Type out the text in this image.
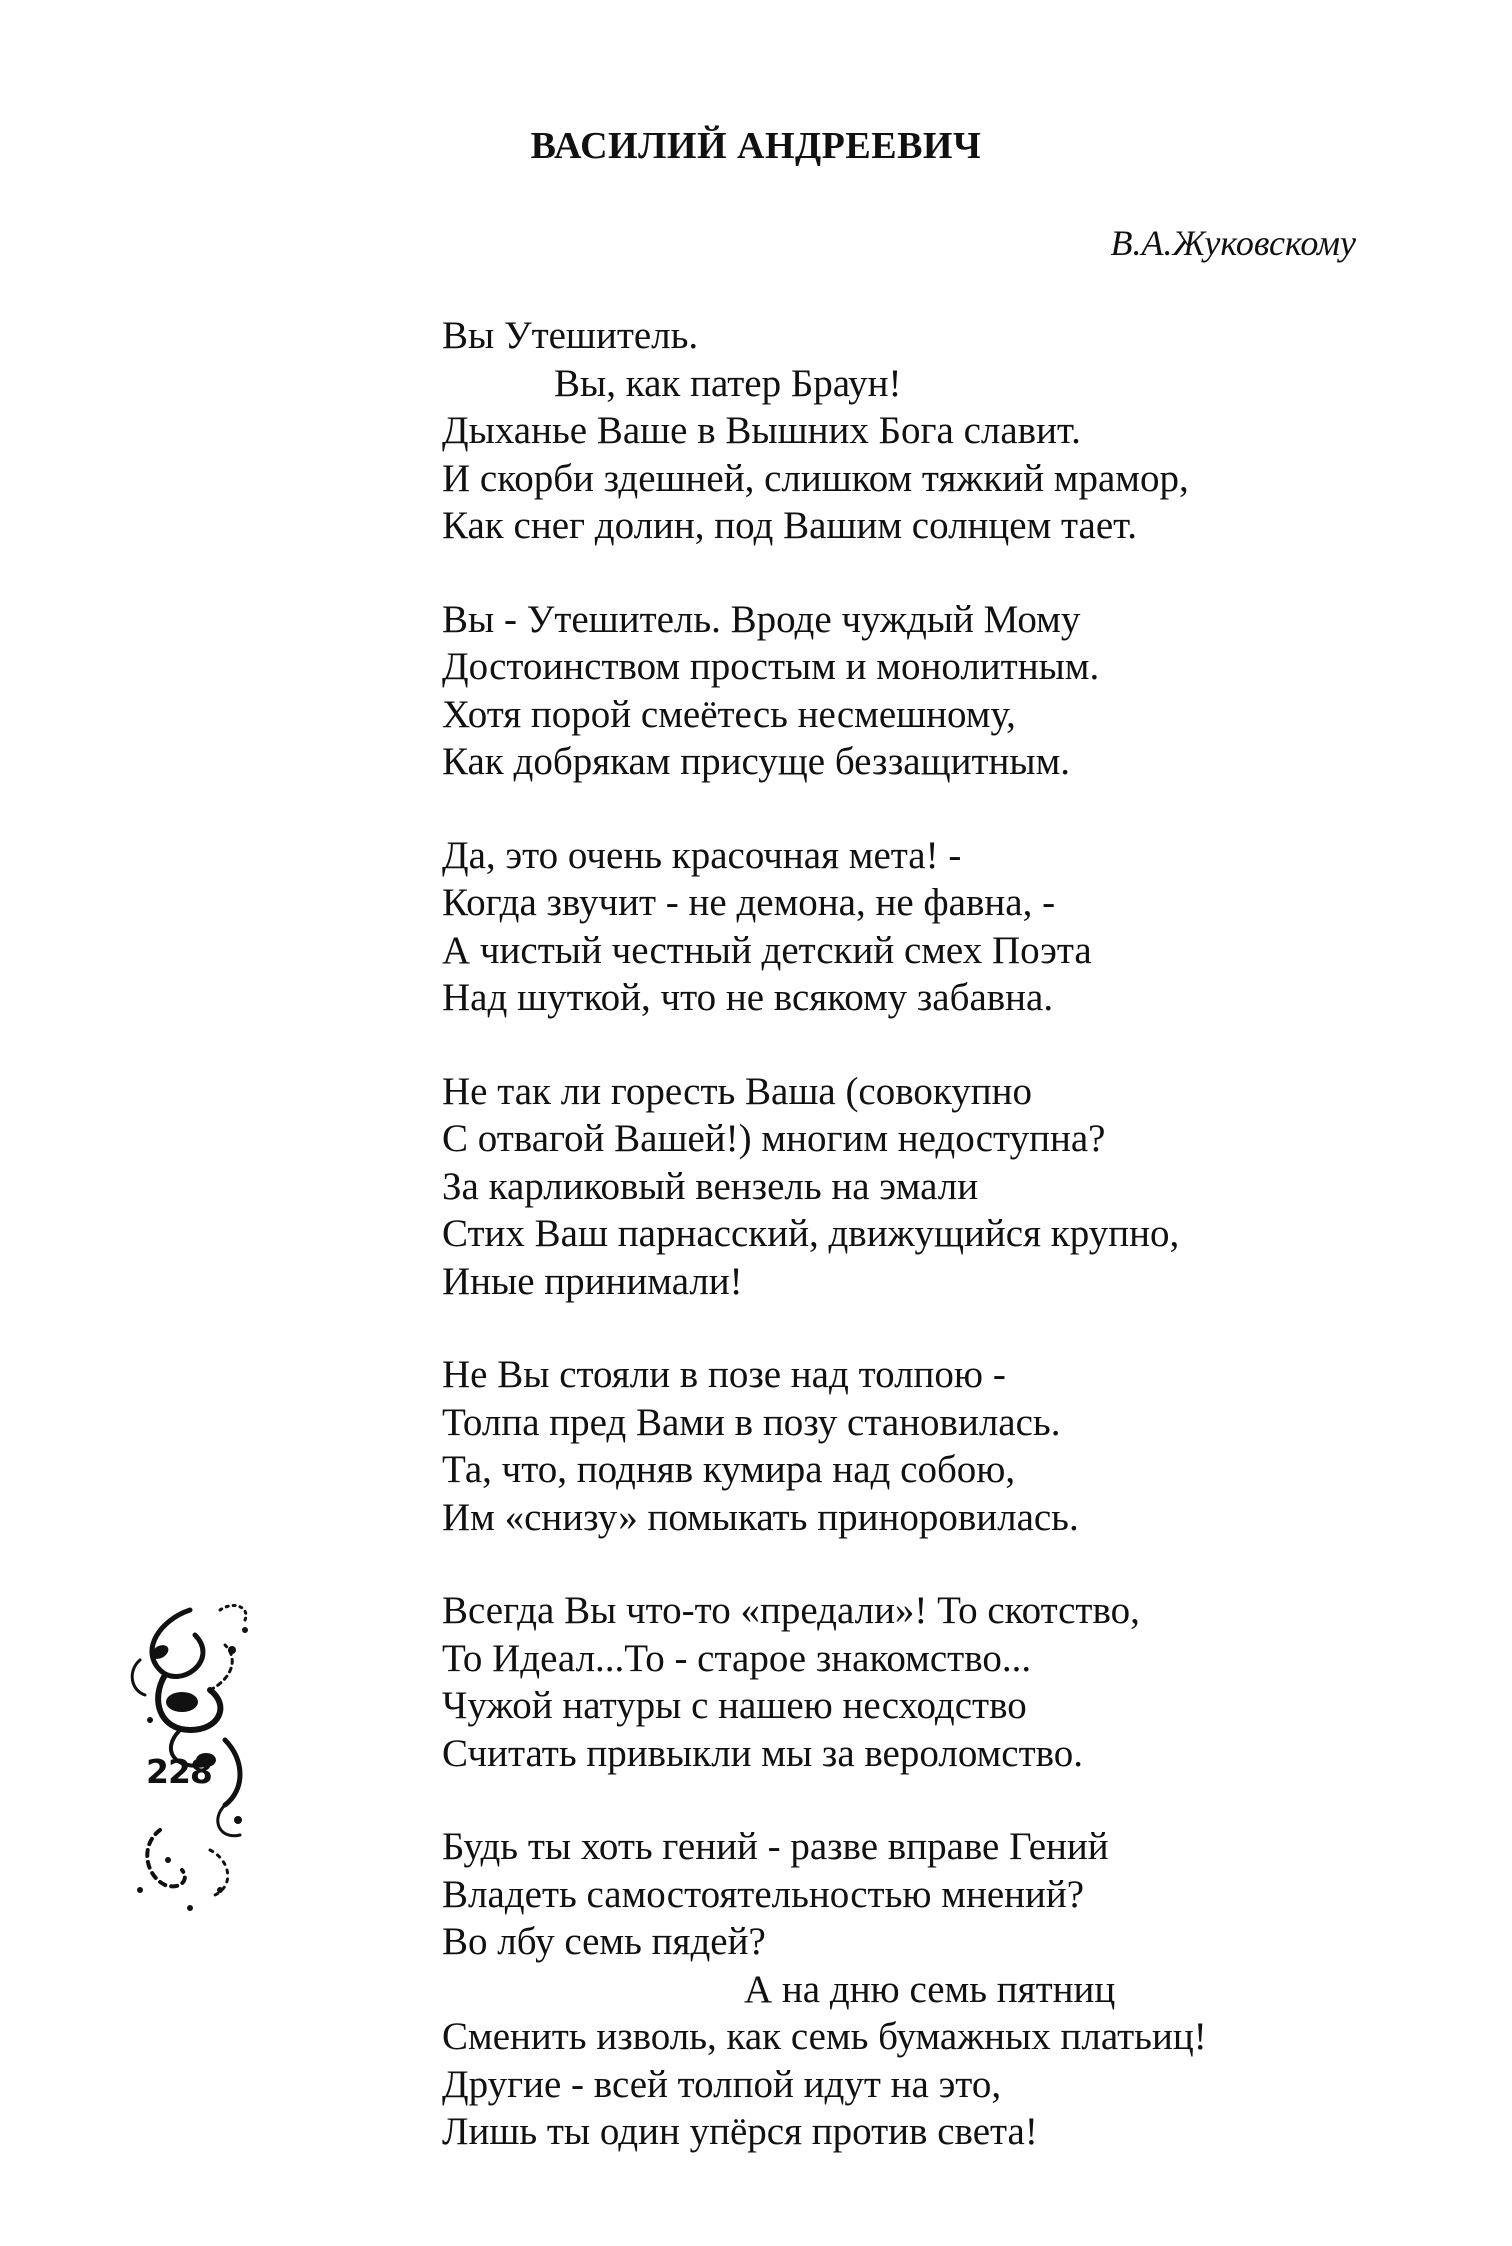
ВАСИЛИЙ АНДРЕЕВИЧ
В.А.Жуковскому
Вы Утешитель.
Вы, как патер Браун!
Дыханье Ваше в Вышних Бога славит.
И скорби здешней, слишком тяжкий мрамор,
Как снег долин, под Вашим солнцем тает.
Вы - Утешитель. Вроде чуждый Мому
Достоинством простым и монолитным.
Хотя порой смеётесь несмешному,
Как добрякам присуще беззащитным.
Да, это очень красочная мета! -
Когда звучит - не демона, не фавна, -
А чистый честный детский смех Поэта
Над шуткой, что не всякому забавна.
Не так ли горесть Ваша (совокупно
С отвагой Вашей!) многим недоступна?
За карликовый вензель на эмали
Стих Ваш парнасский, движущийся крупно,
Иные принимали!
Не Вы стояли в позе над толпою -
Толпа пред Вами в позу становилась.
Та, что, подняв кумира над собою,
Им «снизу» помыкать приноровилась.
Всегда Вы что-то «предали»! То скотство,
То Идеал...То - старое знакомство...
Чужой натуры с нашею несходство
Считать привыкли мы за вероломство.
Будь ты хоть гений - разве вправе Гений
Владеть самостоятельностью мнений?
Во лбу семь пядей?
А на дню семь пятниц
Сменить изволь, как семь бумажных платьиц!
Другие - всей толпой идут на это,
Лишь ты один упёрся против света!
228
